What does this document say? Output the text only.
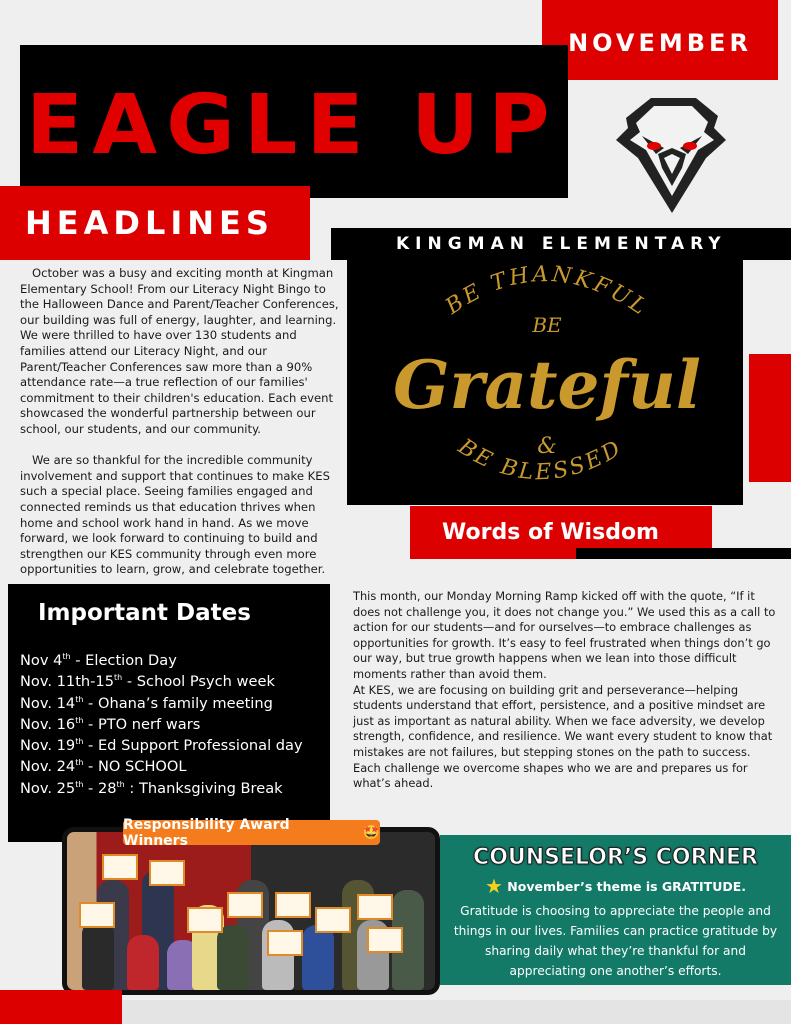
NOVEMBER
EAGLE UP
HEADLINES
KINGMAN ELEMENTARY
BE THANKFUL
BE
Grateful
&
BE BLESSED
Words of Wisdom

October was a busy and exciting month at Kingman Elementary School! From our Literacy Night Bingo to the Halloween Dance and Parent/Teacher Conferences, our building was full of energy, laughter, and learning. We were thrilled to have over 130 students and families attend our Literacy Night, and our Parent/Teacher Conferences saw more than a 90% attendance rate—a true reflection of our families' commitment to their children's education. Each event showcased the wonderful partnership between our school, our students, and our community.

We are so thankful for the incredible community involvement and support that continues to make KES such a special place. Seeing families engaged and connected reminds us that education thrives when home and school work hand in hand. As we move forward, we look forward to continuing to build and strengthen our KES community through even more opportunities to learn, grow, and celebrate together.

Important Dates
Nov 4th - Election Day
Nov. 11th-15th - School Psych week
Nov. 14th - Ohana’s family meeting
Nov. 16th - PTO nerf wars
Nov. 19th - Ed Support Professional day
Nov. 24th - NO SCHOOL
Nov. 25th - 28th : Thanksgiving Break

This month, our Monday Morning Ramp kicked off with the quote, “If it does not challenge you, it does not change you.” We used this as a call to action for our students—and for ourselves—to embrace challenges as opportunities for growth. It’s easy to feel frustrated when things don’t go our way, but true growth happens when we lean into those difficult moments rather than avoid them.

At KES, we are focusing on building grit and perseverance—helping students understand that effort, persistence, and a positive mindset are just as important as natural ability. When we face adversity, we develop strength, confidence, and resilience. We want every student to know that mistakes are not failures, but stepping stones on the path to success. Each challenge we overcome shapes who we are and prepares us for what’s ahead.

Responsibility Award Winners	🤩
COUNSELOR’S CORNER
★ November’s theme is GRATITUDE.
Gratitude is choosing to appreciate the people and things in our lives. Families can practice gratitude by sharing daily what they’re thankful for and appreciating one another’s efforts.
